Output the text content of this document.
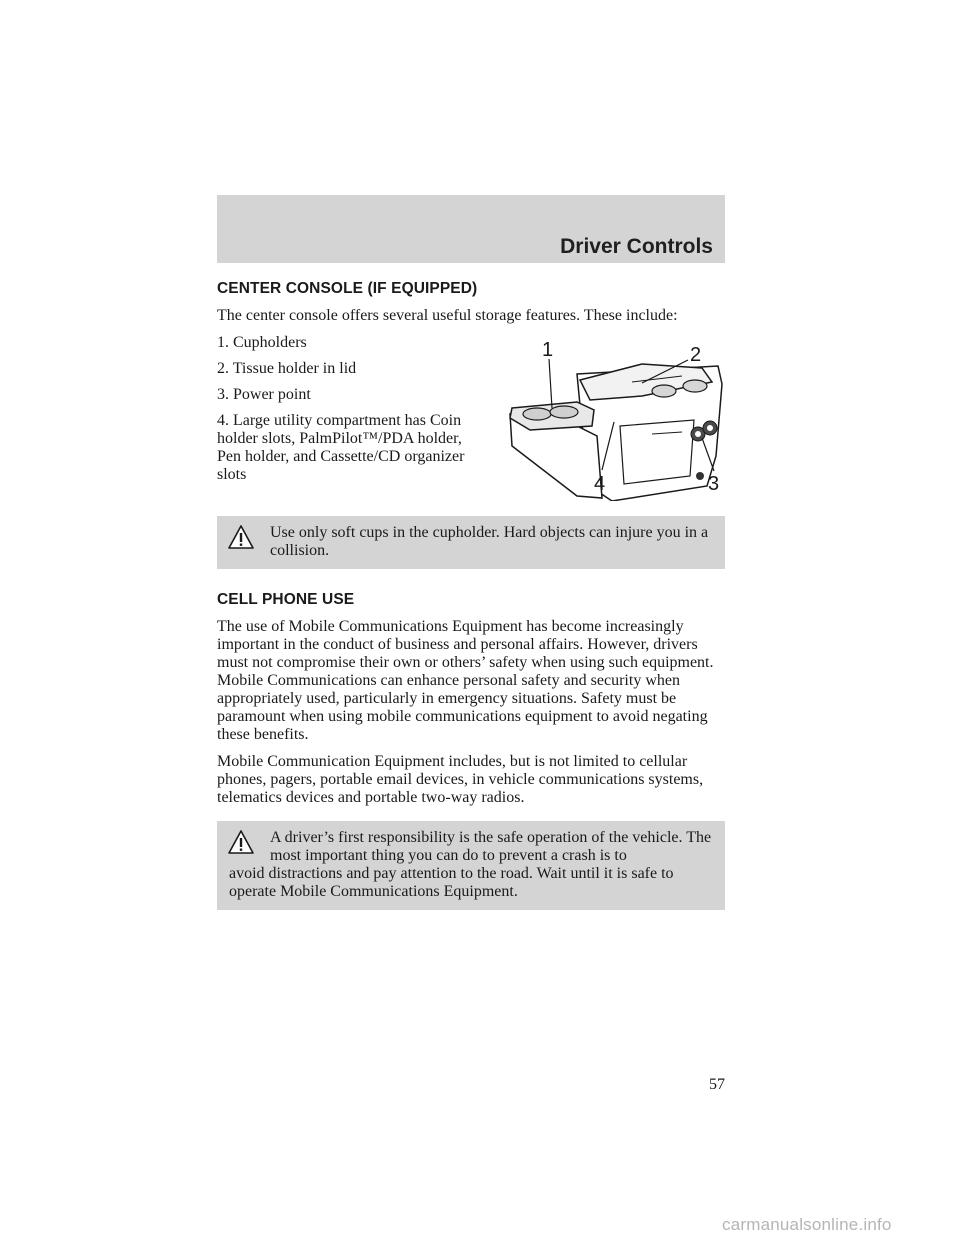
Driver Controls
CENTER CONSOLE (IF EQUIPPED)

The center console offers several useful storage features. These include:

1. Cupholders

2. Tissue holder in lid

3. Power point

4. Large utility compartment has Coin holder slots, PalmPilot™/PDA holder, Pen holder, and Cassette/CD organizer slots

1	2
3
4
Use only soft cups in the cupholder. Hard objects can injure you in a collision.
CELL PHONE USE

The use of Mobile Communications Equipment has become increasingly important in the conduct of business and personal affairs. However, drivers must not compromise their own or others’ safety when using such equipment. Mobile Communications can enhance personal safety and security when appropriately used, particularly in emergency situations. Safety must be paramount when using mobile communications equipment to avoid negating these benefits.

Mobile Communication Equipment includes, but is not limited to cellular phones, pagers, portable email devices, in vehicle communications systems, telematics devices and portable two-way radios.

A driver’s first responsibility is the safe operation of the vehicle. The most important thing you can do to prevent a crash is to
avoid distractions and pay attention to the road. Wait until it is safe to operate Mobile Communications Equipment.
57
carmanualsonline.info
